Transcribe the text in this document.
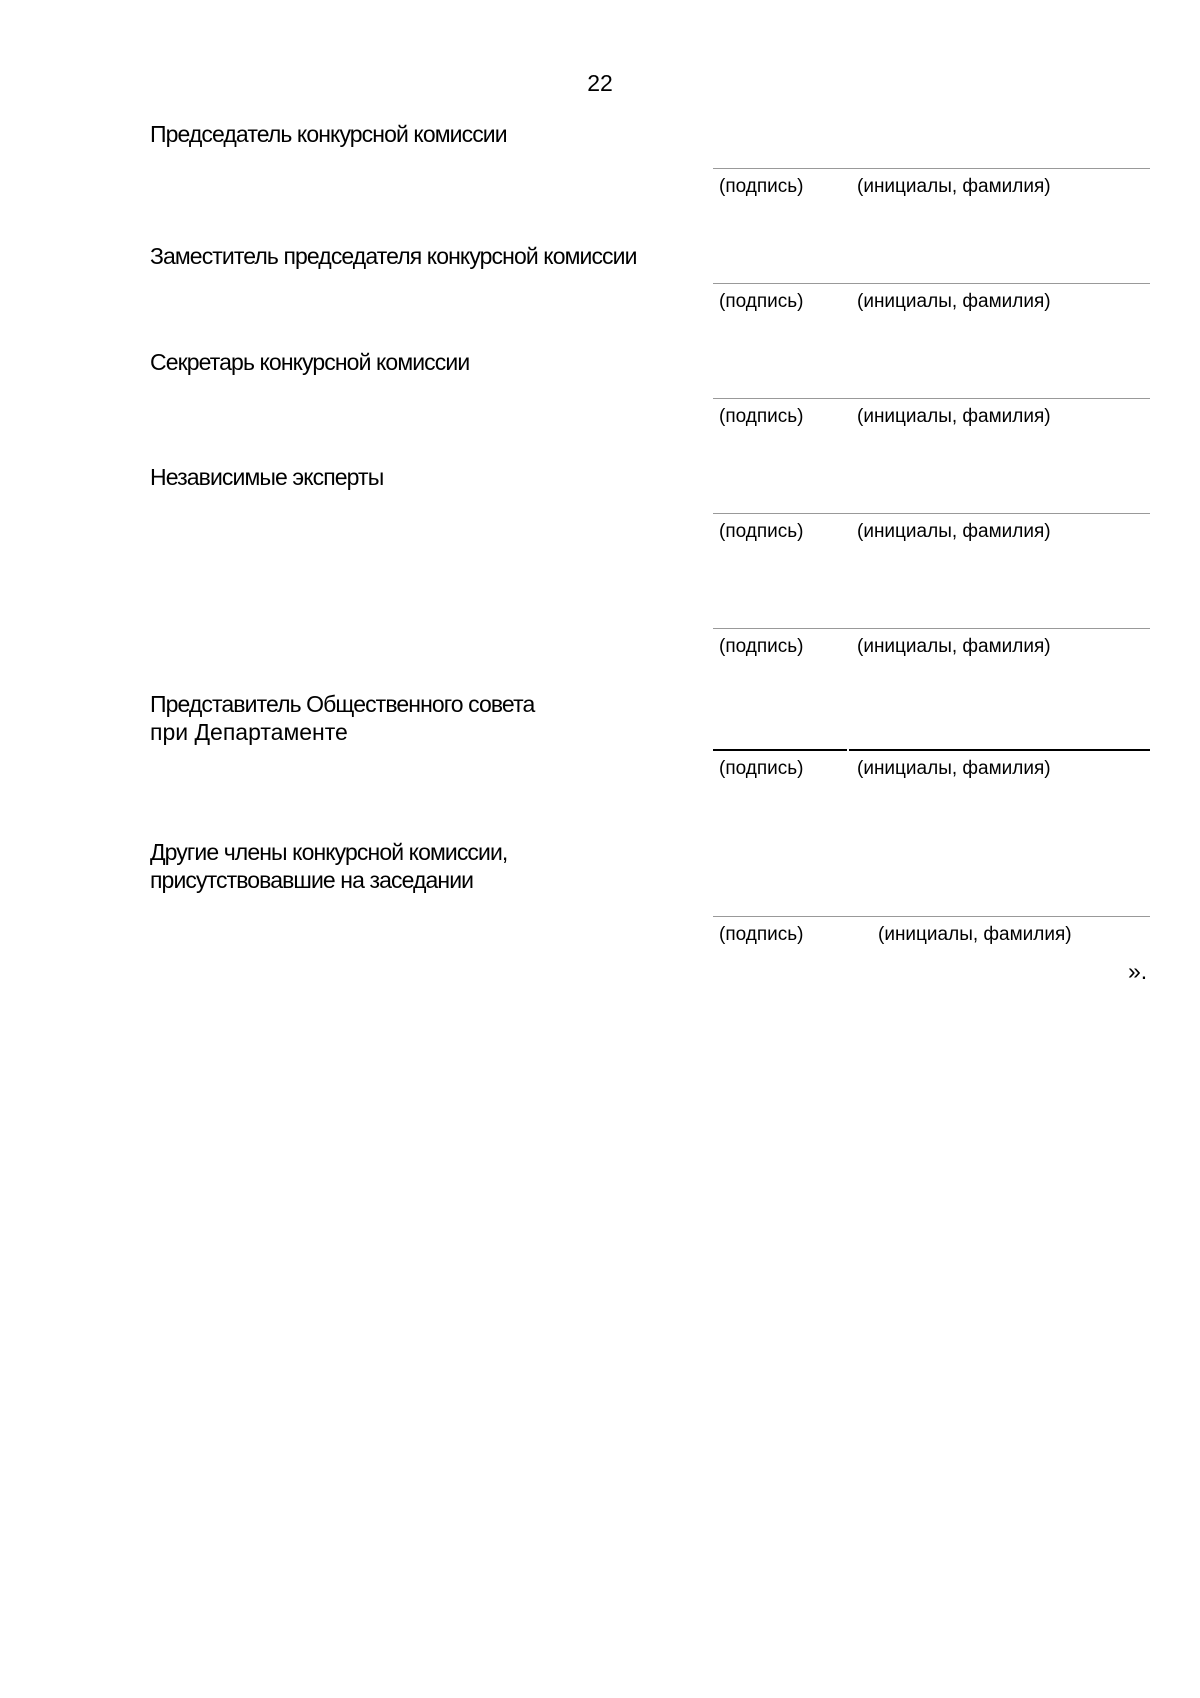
22
Председатель конкурсной комиссии
(подпись)	(инициалы, фамилия)
Заместитель председателя конкурсной комиссии
(подпись)	(инициалы, фамилия)
Секретарь конкурсной комиссии
(подпись)	(инициалы, фамилия)
Независимые эксперты
(подпись)	(инициалы, фамилия)
(подпись)	(инициалы, фамилия)
Представитель Общественного совета
при Департаменте
(подпись)	(инициалы, фамилия)
Другие члены конкурсной комиссии,
присутствовавшие на заседании
(подпись)	(инициалы, фамилия)
».
